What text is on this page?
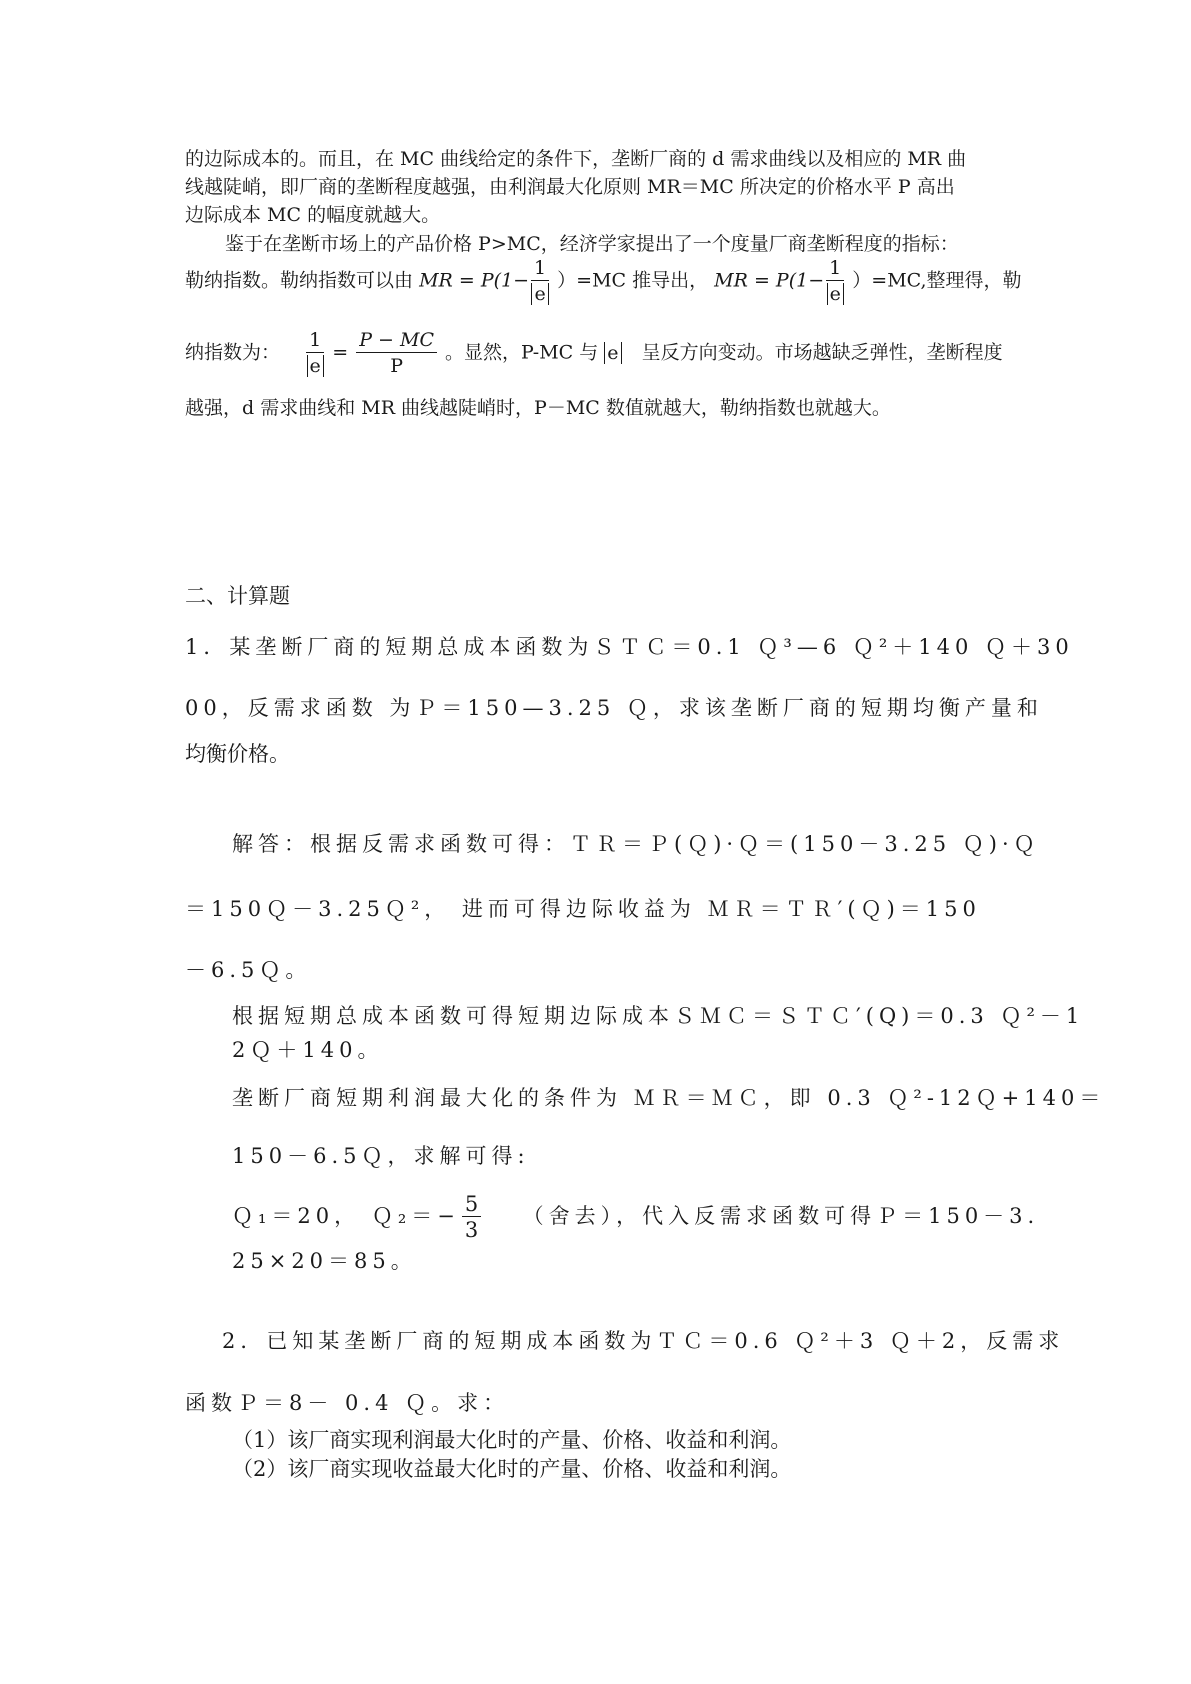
的边际成本的。而且，在 MC 曲线给定的条件下，垄断厂商的 d 需求曲线以及相应的 MR 曲
线越陡峭，即厂商的垄断程度越强，由利润最大化原则 MR＝MC 所决定的价格水平 P 高出
边际成本 MC 的幅度就越大。
鉴于在垄断市场上的产品价格 P>MC，经济学家提出了一个度量厂商垄断程度的指标：
勒纳指数。勒纳指数可以由 MR = $P(1- \frac{1}{e} )=MC$ 推导出， MR = $P(1- \frac{1}{e} )=MC$,整理得，勒
纳指数为： $\frac{1}{e} = \frac{P - MC}{P}$ 。显然，P-MC 与 e 呈反方向变动。市场越缺乏弹性，垄断程度
越强，d 需求曲线和 MR 曲线越陡峭时，P－MC 数值就越大，勒纳指数也就越大。
二、计算题
1．某垄断厂商的短期总成本函数为ＳＴＣ＝0.1 Ｑ³—6 Ｑ²＋140 Ｑ＋30
00，反需求函数 为Ｐ＝150—3.25 Ｑ，求该垄断厂商的短期均衡产量和
均衡价格。
解答：根据反需求函数可得：ＴＲ＝Ｐ(Ｑ)·Ｑ＝(150－3.25 Ｑ)·Ｑ
＝150Ｑ－3.25Ｑ²， 进而可得边际收益为 ＭＲ＝ＴＲ′(Ｑ)＝150
－6.5Ｑ。
根据短期总成本函数可得短期边际成本ＳＭＣ＝ＳＴＣ′(Q)＝0.3 Ｑ²－1
2Ｑ＋140。
垄断厂商短期利润最大化的条件为 ＭＲ＝ＭＣ，即 0.3 Ｑ²-12Ｑ+140＝
150－6.5Ｑ，求解可得:
Ｑ₁＝20， Ｑ₂＝− $\frac{5}{3}$ （舍去），代入反需求函数可得Ｐ＝150－3.
25×20＝85。
2．已知某垄断厂商的短期成本函数为ＴＣ＝0.6 Ｑ²＋3 Ｑ＋2，反需求
函数Ｐ＝8－ 0.4 Ｑ。求：
（1）该厂商实现利润最大化时的产量、价格、收益和利润。
（2）该厂商实现收益最大化时的产量、价格、收益和利润。
